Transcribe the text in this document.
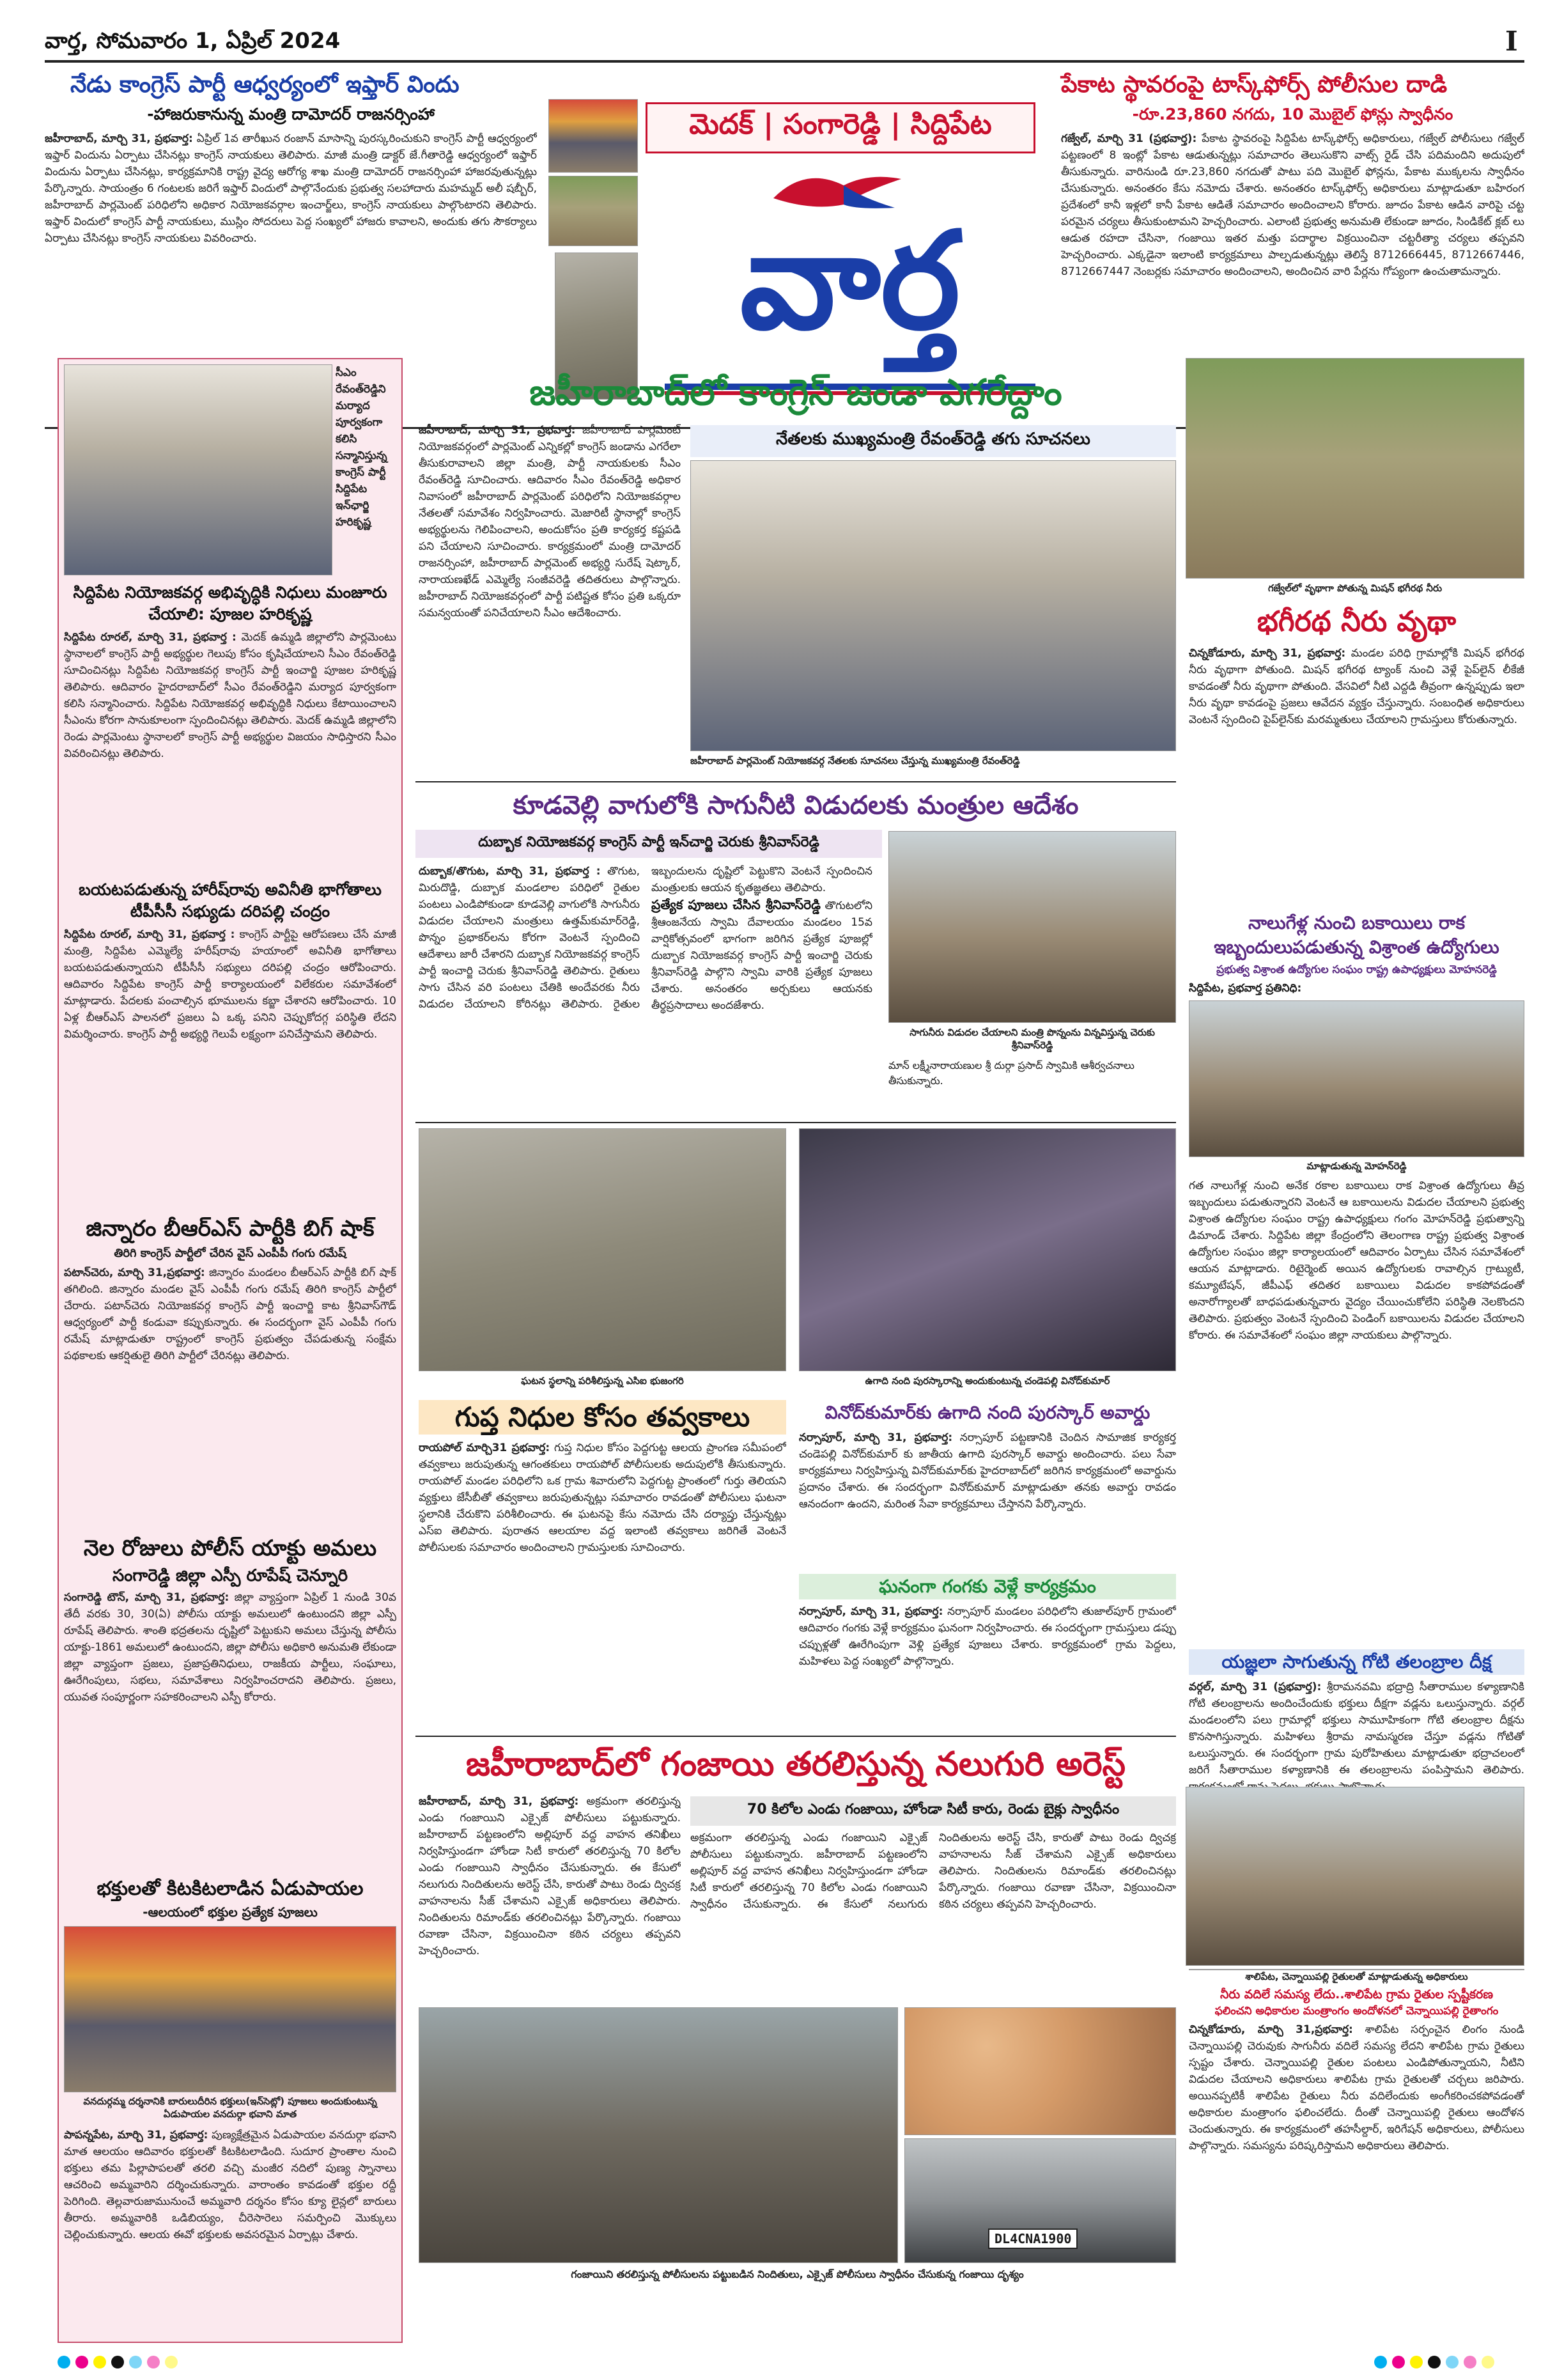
వార్త, సోమవారం 1, ఏప్రిల్ 2024	I
నేడు కాంగ్రెస్ పార్టీ ఆధ్వర్యంలో ఇఫ్తార్ విందు
-హాజరుకానున్న మంత్రి దామోదర్ రాజనర్సింహా
జహీరాబాద్, మార్చి 31, ప్రభవార్త: ఏప్రిల్ 1వ తారీఖున రంజాన్ మాసాన్ని పురస్కరించుకుని కాంగ్రెస్ పార్టీ ఆధ్వర్యంలో ఇఫ్తార్ విందును ఏర్పాటు చేసినట్లు కాంగ్రెస్ నాయకులు తెలిపారు. మాజీ మంత్రి డాక్టర్ జే.గీతారెడ్డి ఆధ్వర్యంలో ఇఫ్తార్ విందును ఏర్పాటు చేసినట్లు, కార్యక్రమానికి రాష్ట్ర వైద్య ఆరోగ్య శాఖ మంత్రి దామోదర్ రాజనర్సింహా హాజరవుతున్నట్లు పేర్కొన్నారు. సాయంత్రం 6 గంటలకు జరిగే ఇఫ్తార్ విందులో పాల్గొనేందుకు ప్రభుత్వ సలహాదారు మహమ్మద్ అలీ షబ్బీర్, జహీరాబాద్ పార్లమెంట్ పరిధిలోని అధికార నియోజకవర్గాల ఇంచార్జ్‌లు, కాంగ్రెస్ నాయకులు పాల్గొంటారని తెలిపారు. ఇఫ్తార్ విందులో కాంగ్రెస్ పార్టీ నాయకులు, ముస్లిం సోదరులు పెద్ద సంఖ్యలో హాజరు కావాలని, అందుకు తగు సౌకర్యాలు ఏర్పాటు చేసినట్లు కాంగ్రెస్ నాయకులు వివరించారు.
మెదక్ | సంగారెడ్డి | సిద్దిపేట
వార్త
పేకాట స్థావరంపై టాస్క్‌ఫోర్స్ పోలీసుల దాడి
-రూ.23,860 నగదు, 10 మొబైల్ ఫోన్లు స్వాధీనం
గజ్వేల్, మార్చి 31 (ప్రభవార్త): పేకాట స్థావరంపై సిద్దిపేట టాస్క్‌ఫోర్స్ అధికారులు, గజ్వేల్ పోలీసులు గజ్వేల్ పట్టణంలో 8 ఇంట్లో పేకాట ఆడుతున్నట్లు సమాచారం తెలుసుకొని వాట్స్ రైడ్ చేసి పదిమందిని అదుపులో తీసుకున్నారు. వారినుండి రూ.23,860 నగదుతో పాటు పది మొబైల్ ఫోన్లను, పేకాట ముక్కలను స్వాధీనం చేసుకున్నారు. అనంతరం కేసు నమోదు చేశారు. అనంతరం టాస్క్‌ఫోర్స్ అధికారులు మాట్లాడుతూ బహిరంగ ప్రదేశంలో కానీ ఇళ్లలో కానీ పేకాట ఆడితే సమాచారం అందించాలని కోరారు. జూదం పేకాట ఆడిన వారిపై చట్ట పరమైన చర్యలు తీసుకుంటామని హెచ్చరించారు. ఎలాంటి ప్రభుత్వ అనుమతి లేకుండా జూదం, సిండికేట్ క్లబ్ లు ఆడుత రహదా చేసినా, గంజాయి ఇతర మత్తు పదార్థాల విక్రయించినా చట్టరీత్యా చర్యలు తప్పవని హెచ్చరించారు. ఎక్కడైనా ఇలాంటి కార్యక్రమాలు పాల్పడుతున్నట్లు తెలిస్తే 8712666445, 8712667446, 8712667447 నెంబర్లకు సమాచారం అందించాలని, అందించిన వారి పేర్లను గోప్యంగా ఉంచుతామన్నారు.
సీఎం రేవంత్‌రెడ్డిని మర్యాద పూర్వకంగా కలిసి సన్మానిస్తున్న కాంగ్రెస్ పార్టీ సిద్దిపేట ఇన్‌ఛార్జి హరికృష్ణ
సిద్దిపేట నియోజకవర్గ అభివృద్ధికి నిధులు మంజూరు చేయాలి: పూజల హరికృష్ణ
సిద్దిపేట రూరల్, మార్చి 31, ప్రభవార్త : మెదక్ ఉమ్మడి జిల్లాలోని పార్లమెంటు స్థానాలలో కాంగ్రెస్ పార్టీ అభ్యర్థుల గెలుపు కోసం కృషిచేయాలని సీఎం రేవంత్‌రెడ్డి సూచించినట్లు సిద్దిపేట నియోజకవర్గ కాంగ్రెస్ పార్టీ ఇంచార్జి పూజల హరికృష్ణ తెలిపారు. ఆదివారం హైదరాబాద్‌లో సీఎం రేవంత్‌రెడ్డిని మర్యాద పూర్వకంగా కలిసి సన్మానించారు. సిద్దిపేట నియోజకవర్గ అభివృద్ధికి నిధులు కేటాయించాలని సీఎంను కోరగా సానుకూలంగా స్పందించినట్లు తెలిపారు. మెదక్ ఉమ్మడి జిల్లాలోని రెండు పార్లమెంటు స్థానాలలో కాంగ్రెస్ పార్టీ అభ్యర్థుల విజయం సాధిస్తారని సీఎం వివరించినట్లు తెలిపారు.
బయటపడుతున్న హారీష్‌రావు అవినీతి భాగోతాలు టీపీసీసీ సభ్యుడు దరిపల్లి చంద్రం
సిద్దిపేట రూరల్, మార్చి 31, ప్రభవార్త : కాంగ్రెస్ పార్టీపై ఆరోపణలు చేసే మాజీ మంత్రి, సిద్దిపేట ఎమ్మెల్యే హరీష్‌రావు హయాంలో అవినీతి భాగోతాలు బయటపడుతున్నాయని టీపీసీసీ సభ్యులు దరిపల్లి చంద్రం ఆరోపించారు. ఆదివారం సిద్దిపేట కాంగ్రెస్ పార్టీ కార్యాలయంలో విలేకరుల సమావేశంలో మాట్లాడారు. పేదలకు పంచాల్సిన భూములను కబ్జా చేశారని ఆరోపించారు. 10 ఏళ్ల బీఆర్ఎస్ పాలనలో ప్రజలు ఏ ఒక్క పనిని చెప్పుకోదగ్గ పరిస్థితి లేదని విమర్శించారు. కాంగ్రెస్ పార్టీ అభ్యర్థి గెలుపే లక్ష్యంగా పనిచేస్తామని తెలిపారు.
జిన్నారం బీఆర్ఎస్ పార్టీకి బిగ్ షాక్
తిరిగి కాంగ్రెస్ పార్టీలో చేరిన వైస్ ఎంపీపీ గంగు రమేష్
పటాన్‌చెరు, మార్చి 31,ప్రభవార్త: జిన్నారం మండలం బీఆర్ఎస్ పార్టీకి బిగ్ షాక్ తగిలింది. జిన్నారం మండల వైస్ ఎంపీపీ గంగు రమేష్ తిరిగి కాంగ్రెస్ పార్టీలో చేరారు. పటాన్‌చెరు నియోజకవర్గ కాంగ్రెస్ పార్టీ ఇంచార్జి కాట శ్రీనివాస్‌గౌడ్ ఆధ్వర్యంలో పార్టీ కండువా కప్పుకున్నారు. ఈ సందర్భంగా వైస్ ఎంపీపీ గంగు రమేష్ మాట్లాడుతూ రాష్ట్రంలో కాంగ్రెస్ ప్రభుత్వం చేపడుతున్న సంక్షేమ పథకాలకు ఆకర్షితులై తిరిగి పార్టీలో చేరినట్లు తెలిపారు.
నెల రోజులు పోలీస్ యాక్టు అమలు
సంగారెడ్డి జిల్లా ఎస్పీ రూపేష్ చెన్నూరి
సంగారెడ్డి టౌన్, మార్చి 31, ప్రభవార్త: జిల్లా వ్యాప్తంగా ఏప్రిల్ 1 నుండి 30వ తేదీ వరకు 30, 30(ఏ) పోలీసు యాక్టు అమలులో ఉంటుందని జిల్లా ఎస్పీ రూపేష్ తెలిపారు. శాంతి భద్రతలను దృష్టిలో పెట్టుకుని అమలు చేస్తున్న పోలీసు యాక్టు-1861 అమలులో ఉంటుందని, జిల్లా పోలీసు అధికారి అనుమతి లేకుండా జిల్లా వ్యాప్తంగా ప్రజలు, ప్రజాప్రతినిధులు, రాజకీయ పార్టీలు, సంఘాలు, ఊరేగింపులు, సభలు, సమావేశాలు నిర్వహించరాదని తెలిపారు. ప్రజలు, యువత సంపూర్ణంగా సహకరించాలని ఎస్పీ కోరారు.
భక్తులతో కిటకిటలాడిన ఏడుపాయల
-ఆలయంలో భక్తుల ప్రత్యేక పూజలు
వనదుర్గమ్మ దర్శనానికి బారులుదీరిన భక్తులు(ఇన్‌సెట్లో) పూజలు అందుకుంటున్న ఏడుపాయల వనదుర్గా భవాని మాత
పాపన్నపేట, మార్చి 31, ప్రభవార్త: పుణ్యక్షేత్రమైన ఏడుపాయల వనదుర్గా భవాని మాత ఆలయం ఆదివారం భక్తులతో కిటకిటలాడింది. సుదూర ప్రాంతాల నుంచి భక్తులు తమ పిల్లాపాపలతో తరలి వచ్చి మంజీర నదిలో పుణ్య స్నానాలు ఆచరించి అమ్మవారిని దర్శించుకున్నారు. వారాంతం కావడంతో భక్తుల రద్దీ పెరిగింది. తెల్లవారుజామునుంచే అమ్మవారి దర్శనం కోసం క్యూ లైన్లలో బారులు తీరారు. అమ్మవారికి ఒడిబియ్యం, చీరెసారెలు సమర్పించి మొక్కులు చెల్లించుకున్నారు. ఆలయ ఈవో భక్తులకు అవసరమైన ఏర్పాట్లు చేశారు.
జహీరాబాద్‌లో కాంగ్రెస్ జండా ఎగరేద్దాం
జహీరాబాద్, మార్చి 31, ప్రభవార్త: జహీరాబాద్ పార్లమెంట్ నియోజకవర్గంలో పార్లమెంట్ ఎన్నికల్లో కాంగ్రెస్ జండాను ఎగరేలా తీసుకురావాలని జిల్లా మంత్రి, పార్టీ నాయకులకు సీఎం రేవంత్‌రెడ్డి సూచించారు. ఆదివారం సీఎం రేవంత్‌రెడ్డి అధికార నివాసంలో జహీరాబాద్ పార్లమెంట్ పరిధిలోని నియోజకవర్గాల నేతలతో సమావేశం నిర్వహించారు. మెజారిటీ స్థానాల్లో కాంగ్రెస్ అభ్యర్థులను గెలిపించాలని, అందుకోసం ప్రతి కార్యకర్త కష్టపడి పని చేయాలని సూచించారు. కార్యక్రమంలో మంత్రి దామోదర్ రాజనర్సింహా, జహీరాబాద్ పార్లమెంట్ అభ్యర్థి సురేష్ షెట్కార్, నారాయణఖేడ్ ఎమ్మెల్యే సంజీవరెడ్డి తదితరులు పాల్గొన్నారు. జహీరాబాద్ నియోజకవర్గంలో పార్టీ పటిష్టత కోసం ప్రతి ఒక్కరూ సమన్వయంతో పనిచేయాలని సీఎం ఆదేశించారు.
నేతలకు ముఖ్యమంత్రి రేవంత్‌రెడ్డి తగు సూచనలు
జహీరాబాద్ పార్లమెంట్ నియోజకవర్గ నేతలకు సూచనలు చేస్తున్న ముఖ్యమంత్రి రేవంత్‌రెడ్డి
కూడవెల్లి వాగులోకి సాగునీటి విడుదలకు మంత్రుల ఆదేశం
దుబ్బాక నియోజకవర్గ కాంగ్రెస్ పార్టీ ఇన్‌చార్జి చెరుకు శ్రీనివాస్‌రెడ్డి
దుబ్బాక/తొగుట, మార్చి 31, ప్రభవార్త : తొగుట, మిరుదొడ్డి, దుబ్బాక మండలాల పరిధిలో రైతుల పంటలు ఎండిపోకుండా కూడవెల్లి వాగులోకి సాగునీరు విడుదల చేయాలని మంత్రులు ఉత్తమ్‌కుమార్‌రెడ్డి, పొన్నం ప్రభాకర్‌లను కోరగా వెంటనే స్పందించి ఆదేశాలు జారీ చేశారని దుబ్బాక నియోజకవర్గ కాంగ్రెస్ పార్టీ ఇంచార్జి చెరుకు శ్రీనివాస్‌రెడ్డి తెలిపారు. రైతులు సాగు చేసిన వరి పంటలు చేతికి అందేవరకు నీరు విడుదల చేయాలని కోరినట్లు తెలిపారు. రైతుల ఇబ్బందులను దృష్టిలో పెట్టుకొని వెంటనే స్పందించిన మంత్రులకు ఆయన కృతజ్ఞతలు తెలిపారు.
ప్రత్యేక పూజలు చేసిన శ్రీనివాస్‌రెడ్డి తొగుటలోని శ్రీఆంజనేయ స్వామి దేవాలయం మండలం 15వ వార్షికోత్సవంలో భాగంగా జరిగిన ప్రత్యేక పూజల్లో దుబ్బాక నియోజకవర్గ కాంగ్రెస్ పార్టీ ఇంచార్జి చెరుకు శ్రీనివాస్‌రెడ్డి పాల్గొని స్వామి వారికి ప్రత్యేక పూజలు చేశారు. అనంతరం అర్చకులు ఆయనకు తీర్థప్రసాదాలు అందజేశారు.
సాగునీరు విడుదల చేయాలని మంత్రి పొన్నంను విన్నవిస్తున్న చెరుకు శ్రీనివాస్‌రెడ్డి
మాన్ లక్ష్మీనారాయణుల శ్రీ దుర్గా ప్రసాద్ స్వామికి ఆశీర్వచనాలు తీసుకున్నారు.
ఘటన స్థలాన్ని పరిశీలిస్తున్న ఎసిఐ భుజంగరి	ఉగాది నంది పురస్కారాన్ని అందుకుంటున్న చండెపల్లి వినోద్‌కుమార్
గుప్త నిధుల కోసం తవ్వకాలు
రాయపోల్ మార్చి31 ప్రభవార్త: గుప్త నిధుల కోసం పెద్దగుట్ట ఆలయ ప్రాంగణ సమీపంలో తవ్వకాలు జరుపుతున్న ఆగంతకులు రాయపోల్ పోలీసులకు అదుపులోకి తీసుకున్నారు. రాయపోల్ మండల పరిధిలోని ఒక గ్రామ శివారులోని పెద్దగుట్ట ప్రాంతంలో గుర్తు తెలియని వ్యక్తులు జేసీబీతో తవ్వకాలు జరుపుతున్నట్లు సమాచారం రావడంతో పోలీసులు ఘటనా స్థలానికి చేరుకొని పరిశీలించారు. ఈ ఘటనపై కేసు నమోదు చేసి దర్యాప్తు చేస్తున్నట్లు ఎస్ఐ తెలిపారు. పురాతన ఆలయాల వద్ద ఇలాంటి తవ్వకాలు జరిగితే వెంటనే పోలీసులకు సమాచారం అందించాలని గ్రామస్తులకు సూచించారు.
వినోద్‌కుమార్‌కు ఉగాది నంది పురస్కార్ అవార్డు
నర్సాపూర్, మార్చి 31, ప్రభవార్త: నర్సాపూర్ పట్టణానికి చెందిన సామాజిక కార్యకర్త చండెపల్లి వినోద్‌కుమార్ కు జాతీయ ఉగాది పురస్కార్ అవార్డు అందించారు. పలు సేవా కార్యక్రమాలు నిర్వహిస్తున్న వినోద్‌కుమార్‌కు హైదరాబాద్‌లో జరిగిన కార్యక్రమంలో అవార్డును ప్రదానం చేశారు. ఈ సందర్భంగా వినోద్‌కుమార్ మాట్లాడుతూ తనకు అవార్డు రావడం ఆనందంగా ఉందని, మరింత సేవా కార్యక్రమాలు చేస్తానని పేర్కొన్నారు.
ఘనంగా గంగకు వెళ్లే కార్యక్రమం
నర్సాపూర్, మార్చి 31, ప్రభవార్త: నర్సాపూర్ మండలం పరిధిలోని తుజాల్‌పూర్ గ్రామంలో ఆదివారం గంగకు వెళ్లే కార్యక్రమం ఘనంగా నిర్వహించారు. ఈ సందర్భంగా గ్రామస్తులు డప్పు చప్పుళ్లతో ఊరేగింపుగా వెళ్లి ప్రత్యేక పూజలు చేశారు. కార్యక్రమంలో గ్రామ పెద్దలు, మహిళలు పెద్ద సంఖ్యలో పాల్గొన్నారు.
జహీరాబాద్‌లో గంజాయి తరలిస్తున్న నలుగురి అరెస్ట్
జహీరాబాద్, మార్చి 31, ప్రభవార్త: అక్రమంగా తరలిస్తున్న ఎండు గంజాయిని ఎక్సైజ్ పోలీసులు పట్టుకున్నారు. జహీరాబాద్ పట్టణంలోని అల్లిపూర్ వద్ద వాహన తనిఖీలు నిర్వహిస్తుండగా హోండా సిటీ కారులో తరలిస్తున్న 70 కిలోల ఎండు గంజాయిని స్వాధీనం చేసుకున్నారు. ఈ కేసులో నలుగురు నిందితులను అరెస్ట్ చేసి, కారుతో పాటు రెండు ద్విచక్ర వాహనాలను సీజ్ చేశామని ఎక్సైజ్ అధికారులు తెలిపారు. నిందితులను రిమాండ్‌కు తరలించినట్లు పేర్కొన్నారు. గంజాయి రవాణా చేసినా, విక్రయించినా కఠిన చర్యలు తప్పవని హెచ్చరించారు.
70 కిలోల ఎండు గంజాయి, హోండా సిటీ కారు, రెండు బైక్లు స్వాధీనం
అక్రమంగా తరలిస్తున్న ఎండు గంజాయిని ఎక్సైజ్ పోలీసులు పట్టుకున్నారు. జహీరాబాద్ పట్టణంలోని అల్లిపూర్ వద్ద వాహన తనిఖీలు నిర్వహిస్తుండగా హోండా సిటీ కారులో తరలిస్తున్న 70 కిలోల ఎండు గంజాయిని స్వాధీనం చేసుకున్నారు. ఈ కేసులో నలుగురు నిందితులను అరెస్ట్ చేసి, కారుతో పాటు రెండు ద్విచక్ర వాహనాలను సీజ్ చేశామని ఎక్సైజ్ అధికారులు తెలిపారు. నిందితులను రిమాండ్‌కు తరలించినట్లు పేర్కొన్నారు. గంజాయి రవాణా చేసినా, విక్రయించినా కఠిన చర్యలు తప్పవని హెచ్చరించారు.
DL4CNA1900
గంజాయిని తరలిస్తున్న పోలీసులను పట్టుబడిన నిందితులు, ఎక్సైజ్ పోలీసులు స్వాధీనం చేసుకున్న గంజాయి దృశ్యం
గజ్వేల్‌లో వృథాగా పోతున్న మిషన్ భగీరథ నీరు
భగీరథ నీరు వృథా
చిన్నకోడూరు, మార్చి 31, ప్రభవార్త: మండల పరిధి గ్రామాల్లోకి మిషన్ భగీరథ నీరు వృథాగా పోతుంది. మిషన్ భగీరథ ట్యాంక్ నుంచి వెళ్లే పైప్‌లైన్ లీకేజీ కావడంతో నీరు వృథాగా పోతుంది. వేసవిలో నీటి ఎద్దడి తీవ్రంగా ఉన్నప్పుడు ఇలా నీరు వృథా కావడంపై ప్రజలు ఆవేదన వ్యక్తం చేస్తున్నారు. సంబంధిత అధికారులు వెంటనే స్పందించి పైప్‌లైన్‌కు మరమ్మతులు చేయాలని గ్రామస్తులు కోరుతున్నారు.
నాలుగేళ్ల నుంచి బకాయిలు రాక ఇబ్బందులుపడుతున్న విశ్రాంత ఉద్యోగులు
ప్రభుత్వ విశ్రాంత ఉద్యోగుల సంఘం రాష్ట్ర ఉపాధ్యక్షులు మోహనరెడ్డి
సిద్దిపేట, ప్రభవార్త ప్రతినిధి:
మాట్లాడుతున్న మోహన్‌రెడ్డి
గత నాలుగేళ్ల నుంచి అనేక రకాల బకాయిలు రాక విశ్రాంత ఉద్యోగులు తీవ్ర ఇబ్బందులు పడుతున్నారని వెంటనే ఆ బకాయిలను విడుదల చేయాలని ప్రభుత్వ విశ్రాంత ఉద్యోగుల సంఘం రాష్ట్ర ఉపాధ్యక్షులు గంగం మోహన్‌రెడ్డి ప్రభుత్వాన్ని డిమాండ్ చేశారు. సిద్దిపేట జిల్లా కేంద్రంలోని తెలంగాణ రాష్ట్ర ప్రభుత్వ విశ్రాంత ఉద్యోగుల సంఘం జిల్లా కార్యాలయంలో ఆదివారం ఏర్పాటు చేసిన సమావేశంలో ఆయన మాట్లాడారు. రిటైర్మెంట్ అయిన ఉద్యోగులకు రావాల్సిన గ్రాట్యుటీ, కమ్యూటేషన్, జీపీఎఫ్ తదితర బకాయిలు విడుదల కాకపోవడంతో అనారోగ్యాలతో బాధపడుతున్నవారు వైద్యం చేయించుకోలేని పరిస్థితి నెలకొందని తెలిపారు. ప్రభుత్వం వెంటనే స్పందించి పెండింగ్ బకాయిలను విడుదల చేయాలని కోరారు. ఈ సమావేశంలో సంఘం జిల్లా నాయకులు పాల్గొన్నారు.
యజ్ఞలా సాగుతున్న గోటి తలంబ్రాల దీక్ష
వర్గల్, మార్చి 31 (ప్రభవార్త): శ్రీరామనవమి భద్రాద్రి సీతారాముల కళ్యాణానికి గోటి తలంబ్రాలను అందించేందుకు భక్తులు దీక్షగా వడ్లను ఒలుస్తున్నారు. వర్గల్ మండలంలోని పలు గ్రామాల్లో భక్తులు సామూహికంగా గోటి తలంబ్రాల దీక్షను కొనసాగిస్తున్నారు. మహిళలు శ్రీరామ నామస్మరణ చేస్తూ వడ్లను గోటితో ఒలుస్తున్నారు. ఈ సందర్భంగా గ్రామ పురోహితులు మాట్లాడుతూ భద్రాచలంలో జరిగే సీతారాముల కళ్యాణానికి ఈ తలంబ్రాలను పంపిస్తామని తెలిపారు.
శాలిపేట, చెన్నాయిపల్లి రైతులతో మాట్లాడుతున్న అధికారులు
నీరు వదిలే సమస్య లేదు..శాలిపేట గ్రామ రైతుల స్పష్టీకరణ
ఫలించని అధికారుల మంత్రాంగం అందోళనలో చెన్నాయిపల్లి రైతాంగం
చిన్నకోడూరు, మార్చి 31,ప్రభవార్త: శాలిపేట సర్పంచైన లింగం నుండి చెన్నాయిపల్లి చెరువుకు సాగునీరు వదిలే సమస్య లేదని శాలిపేట గ్రామ రైతులు స్పష్టం చేశారు. చెన్నాయిపల్లి రైతుల పంటలు ఎండిపోతున్నాయని, నీటిని విడుదల చేయాలని అధికారులు శాలిపేట గ్రామ రైతులతో చర్చలు జరిపారు. అయినప్పటికీ శాలిపేట రైతులు నీరు వదిలేందుకు అంగీకరించకపోవడంతో అధికారుల మంత్రాంగం ఫలించలేదు. దీంతో చెన్నాయిపల్లి రైతులు ఆందోళన చెందుతున్నారు. ఈ కార్యక్రమంలో తహసీల్దార్, ఇరిగేషన్ అధికారులు, పోలీసులు పాల్గొన్నారు. సమస్యను పరిష్కరిస్తామని అధికారులు తెలిపారు.
